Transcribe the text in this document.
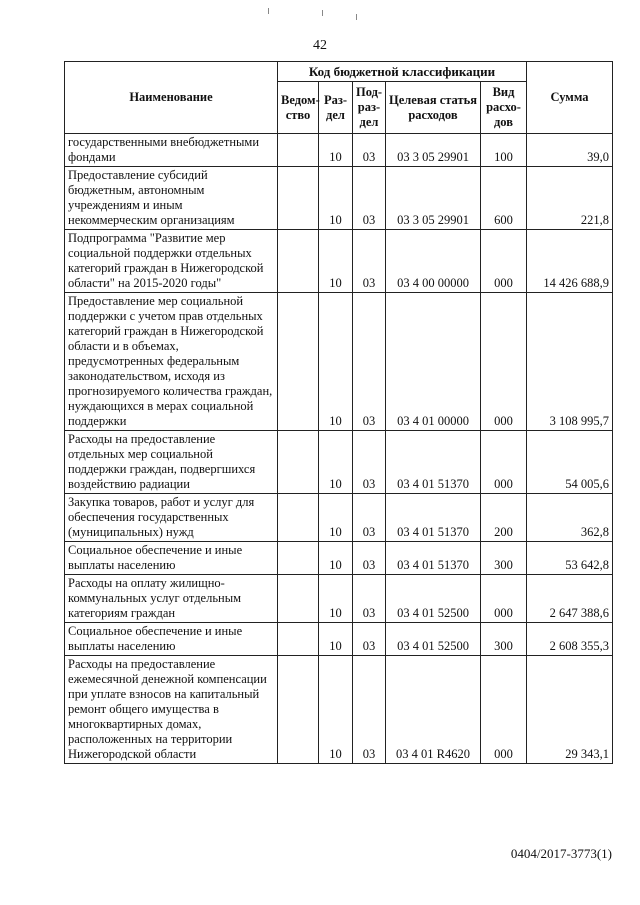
42
Наименование	Код бюджетной классификации					Сумма
	Ведом-ство	Раз-дел	Под-раз-дел	Целевая статья расходов	Вид расхо-дов	
государственными внебюджетными фондами		10	03	03 3 05 29901	100	39,0
Предоставление субсидий бюджетным, автономным учреждениям и иным некоммерческим организациям		10	03	03 3 05 29901	600	221,8
Подпрограмма "Развитие мер социальной поддержки отдельных категорий граждан в Нижегородской области" на 2015-2020 годы"		10	03	03 4 00 00000	000	14 426 688,9
Предоставление мер социальной поддержки с учетом прав отдельных категорий граждан в Нижегородской области и в объемах, предусмотренных федеральным законодательством, исходя из прогнозируемого количества граждан, нуждающихся в мерах социальной поддержки		10	03	03 4 01 00000	000	3 108 995,7
Расходы на предоставление отдельных мер социальной поддержки граждан, подвергшихся воздействию радиации		10	03	03 4 01 51370	000	54 005,6
Закупка товаров, работ и услуг для обеспечения государственных (муниципальных) нужд		10	03	03 4 01 51370	200	362,8
Социальное обеспечение и иные выплаты населению		10	03	03 4 01 51370	300	53 642,8
Расходы на оплату жилищно-коммунальных услуг отдельным категориям граждан		10	03	03 4 01 52500	000	2 647 388,6
Социальное обеспечение и иные выплаты населению		10	03	03 4 01 52500	300	2 608 355,3
Расходы на предоставление ежемесячной денежной компенсации при уплате взносов на капитальный ремонт общего имущества в многоквартирных домах, расположенных на территории Нижегородской области		10	03	03 4 01 R4620	000	29 343,1
0404/2017-3773(1)
